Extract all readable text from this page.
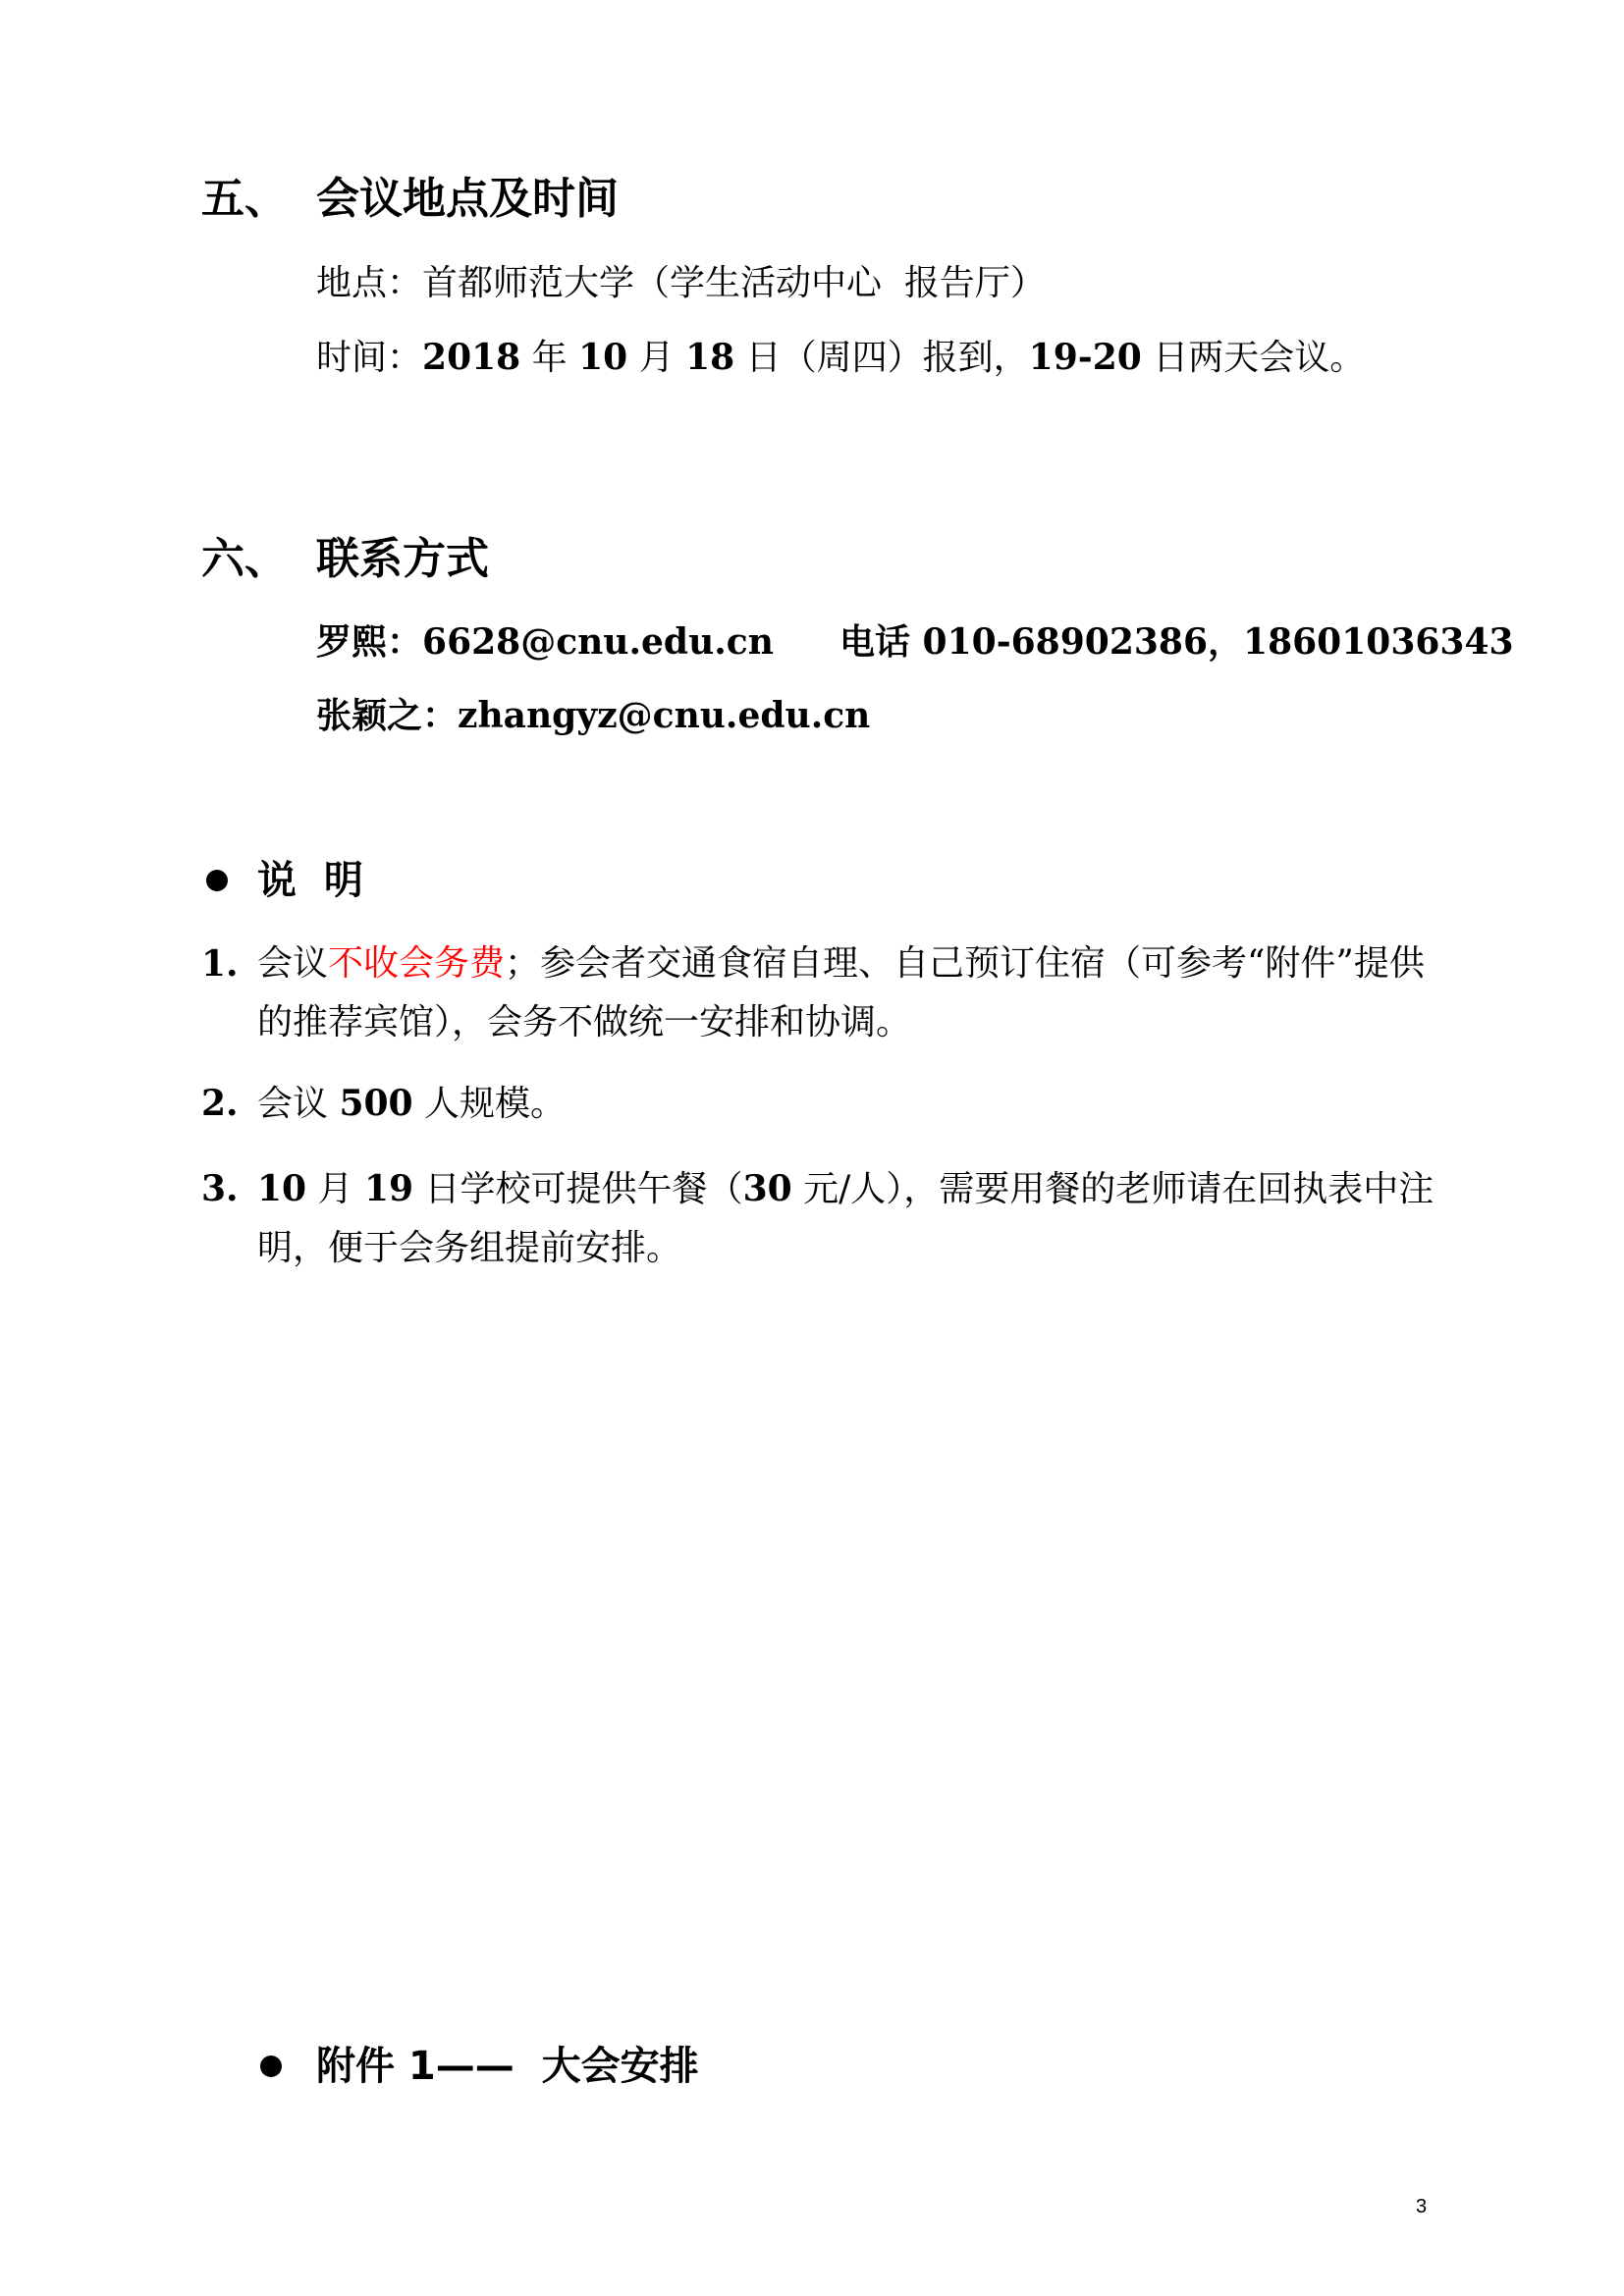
五、 会议地点及时间
地点：首都师范大学（学生活动中心  报告厅）
时间：2018 年 10 月 18 日（周四）报到，19-20 日两天会议。
六、 联系方式
罗熙：6628@cnu.edu.cn 电话 010-68902386，18601036343
张颖之：zhangyz@cnu.edu.cn
说  明
1. 会议不收会务费；参会者交通食宿自理、自己预订住宿（可参考“附件”提供的推荐宾馆），会务不做统一安排和协调。
2. 会议 500 人规模。
3. 10 月 19 日学校可提供午餐（30 元/人），需要用餐的老师请在回执表中注明，便于会务组提前安排。
附件 1——  大会安排
3
